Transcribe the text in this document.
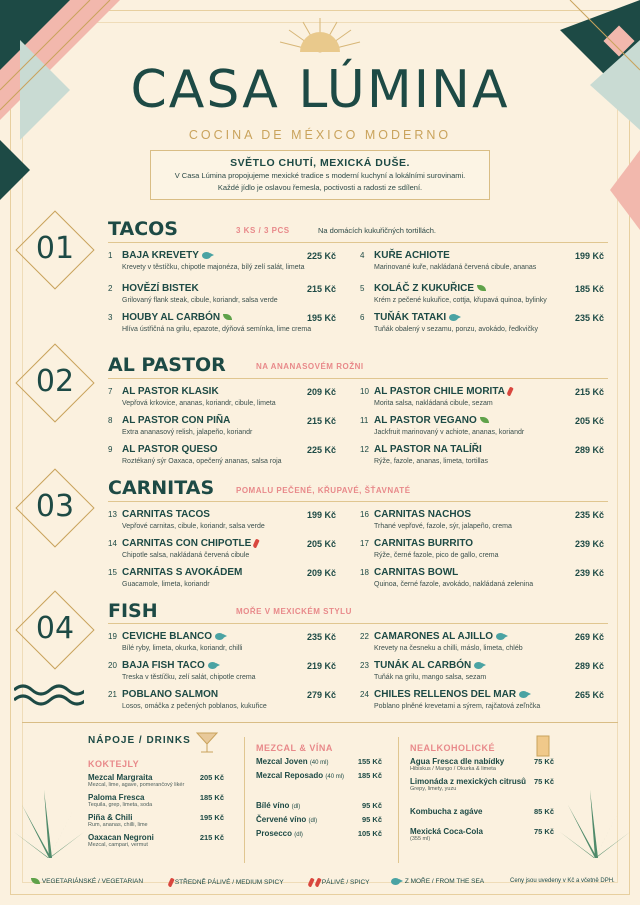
CASA LÚMINA
COCINA DE MÉXICO MODERNO
SVĚTLO CHUTÍ, MEXICKÁ DUŠE.
V Casa Lúmina propojujeme mexické tradice s moderní kuchyní a lokálními surovinami.
Každé jídlo je oslavou řemesla, poctivosti a radosti ze sdílení.
01
TACOS	3 KS / 3 PCS	Na domácích kukuřičných tortillách.
02	AL PASTOR	NA ANANASOVÉM ROŽNI
03
CARNITAS	POMALU PEČENÉ, KŘUPAVÉ, ŠŤAVNATÉ
04	FISH	MOŘE V MEXICKÉM STYLU
1 BAJA KREVETY
Krevety v těstíčku, chipotle majonéza, bílý zelí salát, limeta
225 Kč
2 HOVĚZÍ BISTEK
Grilovaný flank steak, cibule, koriandr, salsa verde
215 Kč
3 HOUBY AL CARBÓN
Hlíva ústřičná na grilu, epazote, dýňová semínka, lime crema
195 Kč
4 KUŘE ACHIOTE
Marinované kuře, nakládaná červená cibule, ananas
199 Kč
5 KOLÁČ Z KUKUŘICE
Krém z pečené kukuřice, cottja, křupavá quinoa, bylinky
185 Kč
6 TUŇÁK TATAKI
Tuňák obalený v sezamu, ponzu, avokádo, ředkvičky
235 Kč
7 AL PASTOR KLASIK
Vepřová krkovice, ananas, koriandr, cibule, limeta
209 Kč
8 AL PASTOR CON PIÑA
Extra ananasový relish, jalapeño, koriandr
215 Kč
9 AL PASTOR QUESO
Roztékaný sýr Oaxaca, opečený ananas, salsa roja
225 Kč
10 AL PASTOR CHILE MORITA
Morita salsa, nakládaná cibule, sezam
215 Kč
11 AL PASTOR VEGANO
Jackfruit marinovaný v achiote, ananas, koriandr
205 Kč
12 AL PASTOR NA TALÍŘI
Rýže, fazole, ananas, limeta, tortillas
289 Kč
13 CARNITAS TACOS
Vepřové carnitas, cibule, koriandr, salsa verde
199 Kč
14 CARNITAS CON CHIPOTLE
Chipotle salsa, nakládaná červená cibule
205 Kč
15 CARNITAS S AVOKÁDEM
Guacamole, limeta, koriandr
209 Kč
16 CARNITAS NACHOS
Trhané vepřové, fazole, sýr, jalapeño, crema
235 Kč
17 CARNITAS BURRITO
Rýže, černé fazole, pico de gallo, crema
239 Kč
18 CARNITAS BOWL
Quinoa, černé fazole, avokádo, nakládaná zelenina
239 Kč
19 CEVICHE BLANCO
Bílé ryby, limeta, okurka, koriandr, chilli
235 Kč
20 BAJA FISH TACO
Treska v těstíčku, zelí salát, chipotle crema
219 Kč
21 POBLANO SALMON
Losos, omáčka z pečených poblanos, kukuřice
279 Kč
22 CAMARONES AL AJILLO
Krevety na česneku a chilli, máslo, limeta, chléb
269 Kč
23 TUNÁK AL CARBÓN
Tuňák na grilu, mango salsa, sezam
289 Kč
24 CHILES RELLENOS DEL MAR
Poblano plněné krevetami a sýrem, rajčatová zeľnčka
265 Kč
NÁPOJE / DRINKS
KOKTEJLY
Mezcal Margraita
Mezcal, lime, agave, pomerančový likér
205 Kč
Paloma Fresca
Tequila, grep, limeta, soda
185 Kč
Piña & Chili
Rum, ananas, chilli, lime
195 Kč
Oaxacan Negroni
Mezcal, campari, vermut
215 Kč
MEZCAL & VÍNA
Mezcal Joven (40 ml)	155 Kč
Mezcal Reposado (40 ml)	185 Kč
Bílé víno (dl)	95 Kč
Červené víno (dl)	95 Kč
Prosecco (dl)	105 Kč
NEALKOHOLICKÉ
Agua Fresca dle nabídky
Hibiskus / Mango / Okurka & limeta
75 Kč
Limonáda z mexických citrusů
Grepy, limety, yuzu
75 Kč
Kombucha z agáve	85 Kč
Mexická Coca-Cola
(355 ml)
75 Kč
VEGETARIÁNSKÉ / VEGETARIAN	STŘEDNĚ PÁLIVÉ / MEDIUM SPICY	PÁLIVÉ / SPICY	Z MOŘE / FROM THE SEA	Ceny jsou uvedeny v Kč a včetně DPH.
